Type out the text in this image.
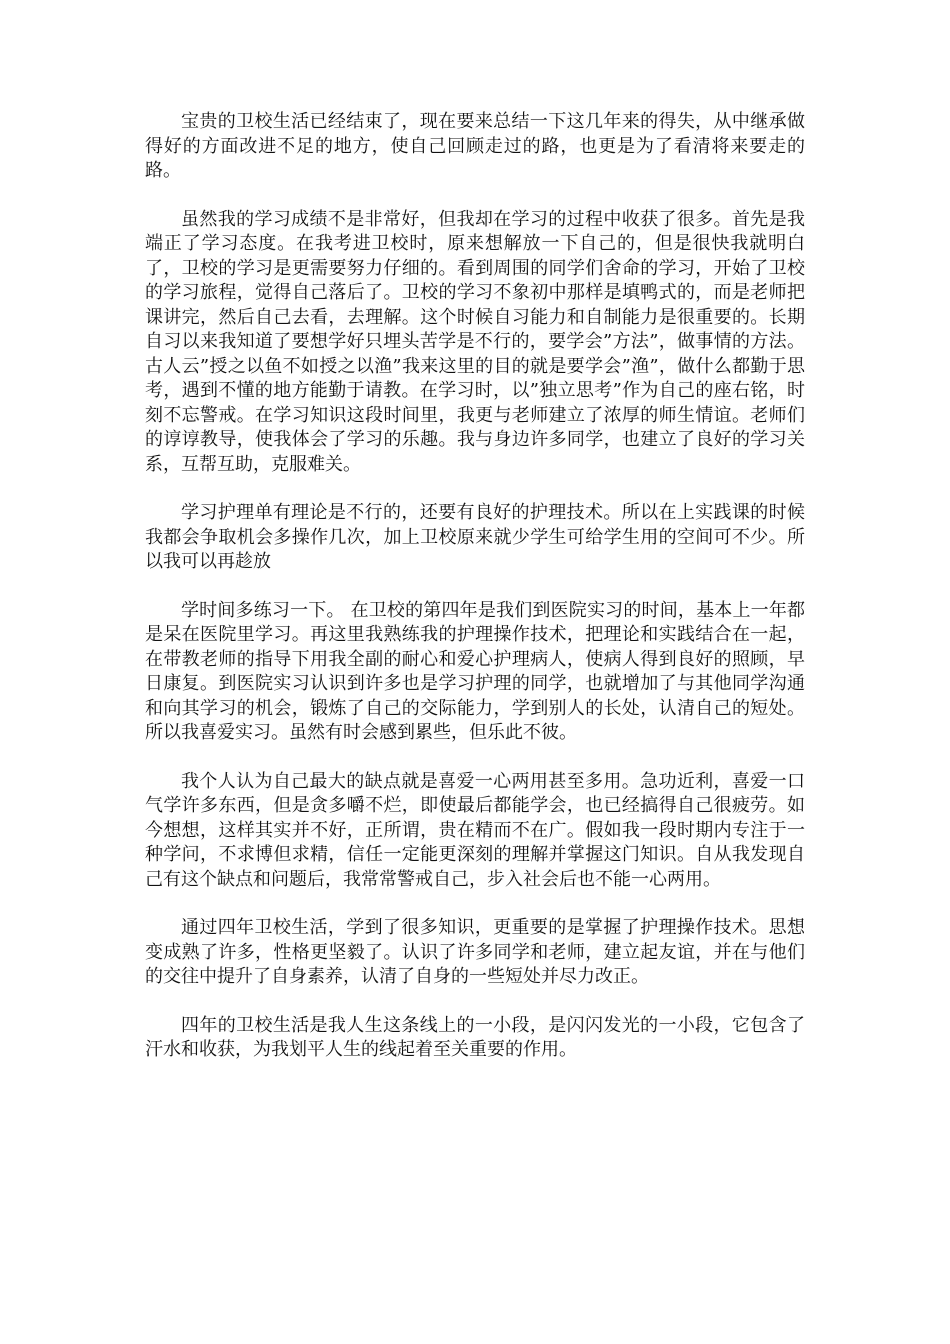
宝贵的卫校生活已经结束了，现在要来总结一下这几年来的得失，从中继承做得好的方面改进不足的地方，使自己回顾走过的路，也更是为了看清将来要走的路。

虽然我的学习成绩不是非常好，但我却在学习的过程中收获了很多。首先是我端正了学习态度。在我考进卫校时，原来想解放一下自己的，但是很快我就明白了，卫校的学习是更需要努力仔细的。看到周围的同学们舍命的学习，开始了卫校的学习旅程，觉得自己落后了。卫校的学习不象初中那样是填鸭式的，而是老师把课讲完，然后自己去看，去理解。这个时候自习能力和自制能力是很重要的。长期自习以来我知道了要想学好只埋头苦学是不行的，要学会”方法”，做事情的方法。古人云”授之以鱼不如授之以渔”我来这里的目的就是要学会”渔”，做什么都勤于思考，遇到不懂的地方能勤于请教。在学习时，以”独立思考”作为自己的座右铭，时刻不忘警戒。在学习知识这段时间里，我更与老师建立了浓厚的师生情谊。老师们的谆谆教导，使我体会了学习的乐趣。我与身边许多同学，也建立了良好的学习关系，互帮互助，克服难关。

学习护理单有理论是不行的，还要有良好的护理技术。所以在上实践课的时候我都会争取机会多操作几次，加上卫校原来就少学生可给学生用的空间可不少。所以我可以再趁放

学时间多练习一下。 在卫校的第四年是我们到医院实习的时间，基本上一年都是呆在医院里学习。再这里我熟练我的护理操作技术，把理论和实践结合在一起，在带教老师的指导下用我全副的耐心和爱心护理病人，使病人得到良好的照顾，早日康复。到医院实习认识到许多也是学习护理的同学，也就增加了与其他同学沟通和向其学习的机会，锻炼了自己的交际能力，学到别人的长处，认清自己的短处。所以我喜爱实习。虽然有时会感到累些，但乐此不彼。

我个人认为自己最大的缺点就是喜爱一心两用甚至多用。急功近利，喜爱一口气学许多东西，但是贪多嚼不烂，即使最后都能学会，也已经搞得自己很疲劳。如今想想，这样其实并不好，正所谓，贵在精而不在广。假如我一段时期内专注于一种学问，不求博但求精，信任一定能更深刻的理解并掌握这门知识。自从我发现自己有这个缺点和问题后，我常常警戒自己，步入社会后也不能一心两用。

通过四年卫校生活，学到了很多知识，更重要的是掌握了护理操作技术。思想变成熟了许多，性格更坚毅了。认识了许多同学和老师，建立起友谊，并在与他们的交往中提升了自身素养，认清了自身的一些短处并尽力改正。

四年的卫校生活是我人生这条线上的一小段，是闪闪发光的一小段，它包含了汗水和收获，为我划平人生的线起着至关重要的作用。
